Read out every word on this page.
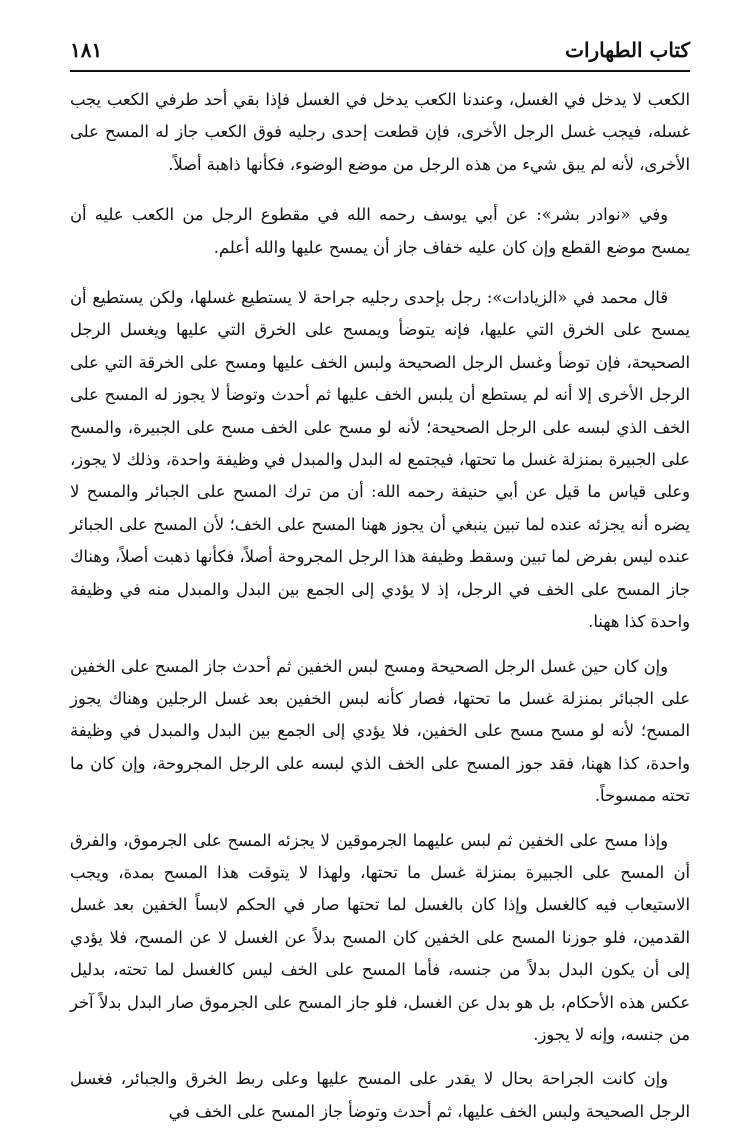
كتاب الطهارات
١٨١

الكعب لا يدخل في الغسل، وعندنا الكعب يدخل في الغسل فإذا بقي أحد طرفي الكعب يجب غسله، فيجب غسل الرجل الأخرى، فإن قطعت إحدى رجليه فوق الكعب جاز له المسح على الأخرى، لأنه لم يبق شيء من هذه الرجل من موضع الوضوء، فكأنها ذاهبة أصلاً.

وفي «نوادر بشر»: عن أبي يوسف رحمه الله في مقطوع الرجل من الكعب عليه أن يمسح موضع القطع وإن كان عليه خفاف جاز أن يمسح عليها والله أعلم.

قال محمد في «الزيادات»: رجل بإحدى رجليه جراحة لا يستطيع غسلها، ولكن يستطيع أن يمسح على الخرق التي عليها، فإنه يتوضأ ويمسح على الخرق التي عليها ويغسل الرجل الصحيحة، فإن توضأ وغسل الرجل الصحيحة ولبس الخف عليها ومسح على الخرقة التي على الرجل الأخرى إلا أنه لم يستطع أن يلبس الخف عليها ثم أحدث وتوضأ لا يجوز له المسح على الخف الذي لبسه على الرجل الصحيحة؛ لأنه لو مسح على الخف مسح على الجبيرة، والمسح على الجبيرة بمنزلة غسل ما تحتها، فيجتمع له البدل والمبدل في وظيفة واحدة، وذلك لا يجوز، وعلى قياس ما قيل عن أبي حنيفة رحمه الله: أن من ترك المسح على الجبائر والمسح لا يضره أنه يجزئه عنده لما تبين ينبغي أن يجوز ههنا المسح على الخف؛ لأن المسح على الجبائر عنده ليس بفرض لما تبين وسقط وظيفة هذا الرجل المجروحة أصلاً، فكأنها ذهبت أصلاً، وهناك جاز المسح على الخف في الرجل، إذ لا يؤدي إلى الجمع بين البدل والمبدل منه في وظيفة واحدة كذا ههنا.

وإن كان حين غسل الرجل الصحيحة ومسح لبس الخفين ثم أحدث جاز المسح على الخفين على الجبائر بمنزلة غسل ما تحتها، فصار كأنه لبس الخفين بعد غسل الرجلين وهناك يجوز المسح؛ لأنه لو مسح مسح على الخفين، فلا يؤدي إلى الجمع بين البدل والمبدل في وظيفة واحدة، كذا ههنا، فقد جوز المسح على الخف الذي لبسه على الرجل المجروحة، وإن كان ما تحته ممسوحاً.

وإذا مسح على الخفين ثم لبس عليهما الجرموقين لا يجزئه المسح على الجرموق، والفرق أن المسح على الجبيرة بمنزلة غسل ما تحتها، ولهذا لا يتوقت هذا المسح بمدة، ويجب الاستيعاب فيه كالغسل وإذا كان بالغسل لما تحتها صار في الحكم لابساً الخفين بعد غسل القدمين، فلو جوزنا المسح على الخفين كان المسح بدلاً عن الغسل لا عن المسح، فلا يؤدي إلى أن يكون البدل بدلاً من جنسه، فأما المسح على الخف ليس كالغسل لما تحته، بدليل عكس هذه الأحكام، بل هو بدل عن الغسل، فلو جاز المسح على الجرموق صار البدل بدلاً آخر من جنسه، وإنه لا يجوز.

وإن كانت الجراحة بحال لا يقدر على المسح عليها وعلى ربط الخرق والجبائر، فغسل الرجل الصحيحة ولبس الخف عليها، ثم أحدث وتوضأ جاز المسح على الخف في
